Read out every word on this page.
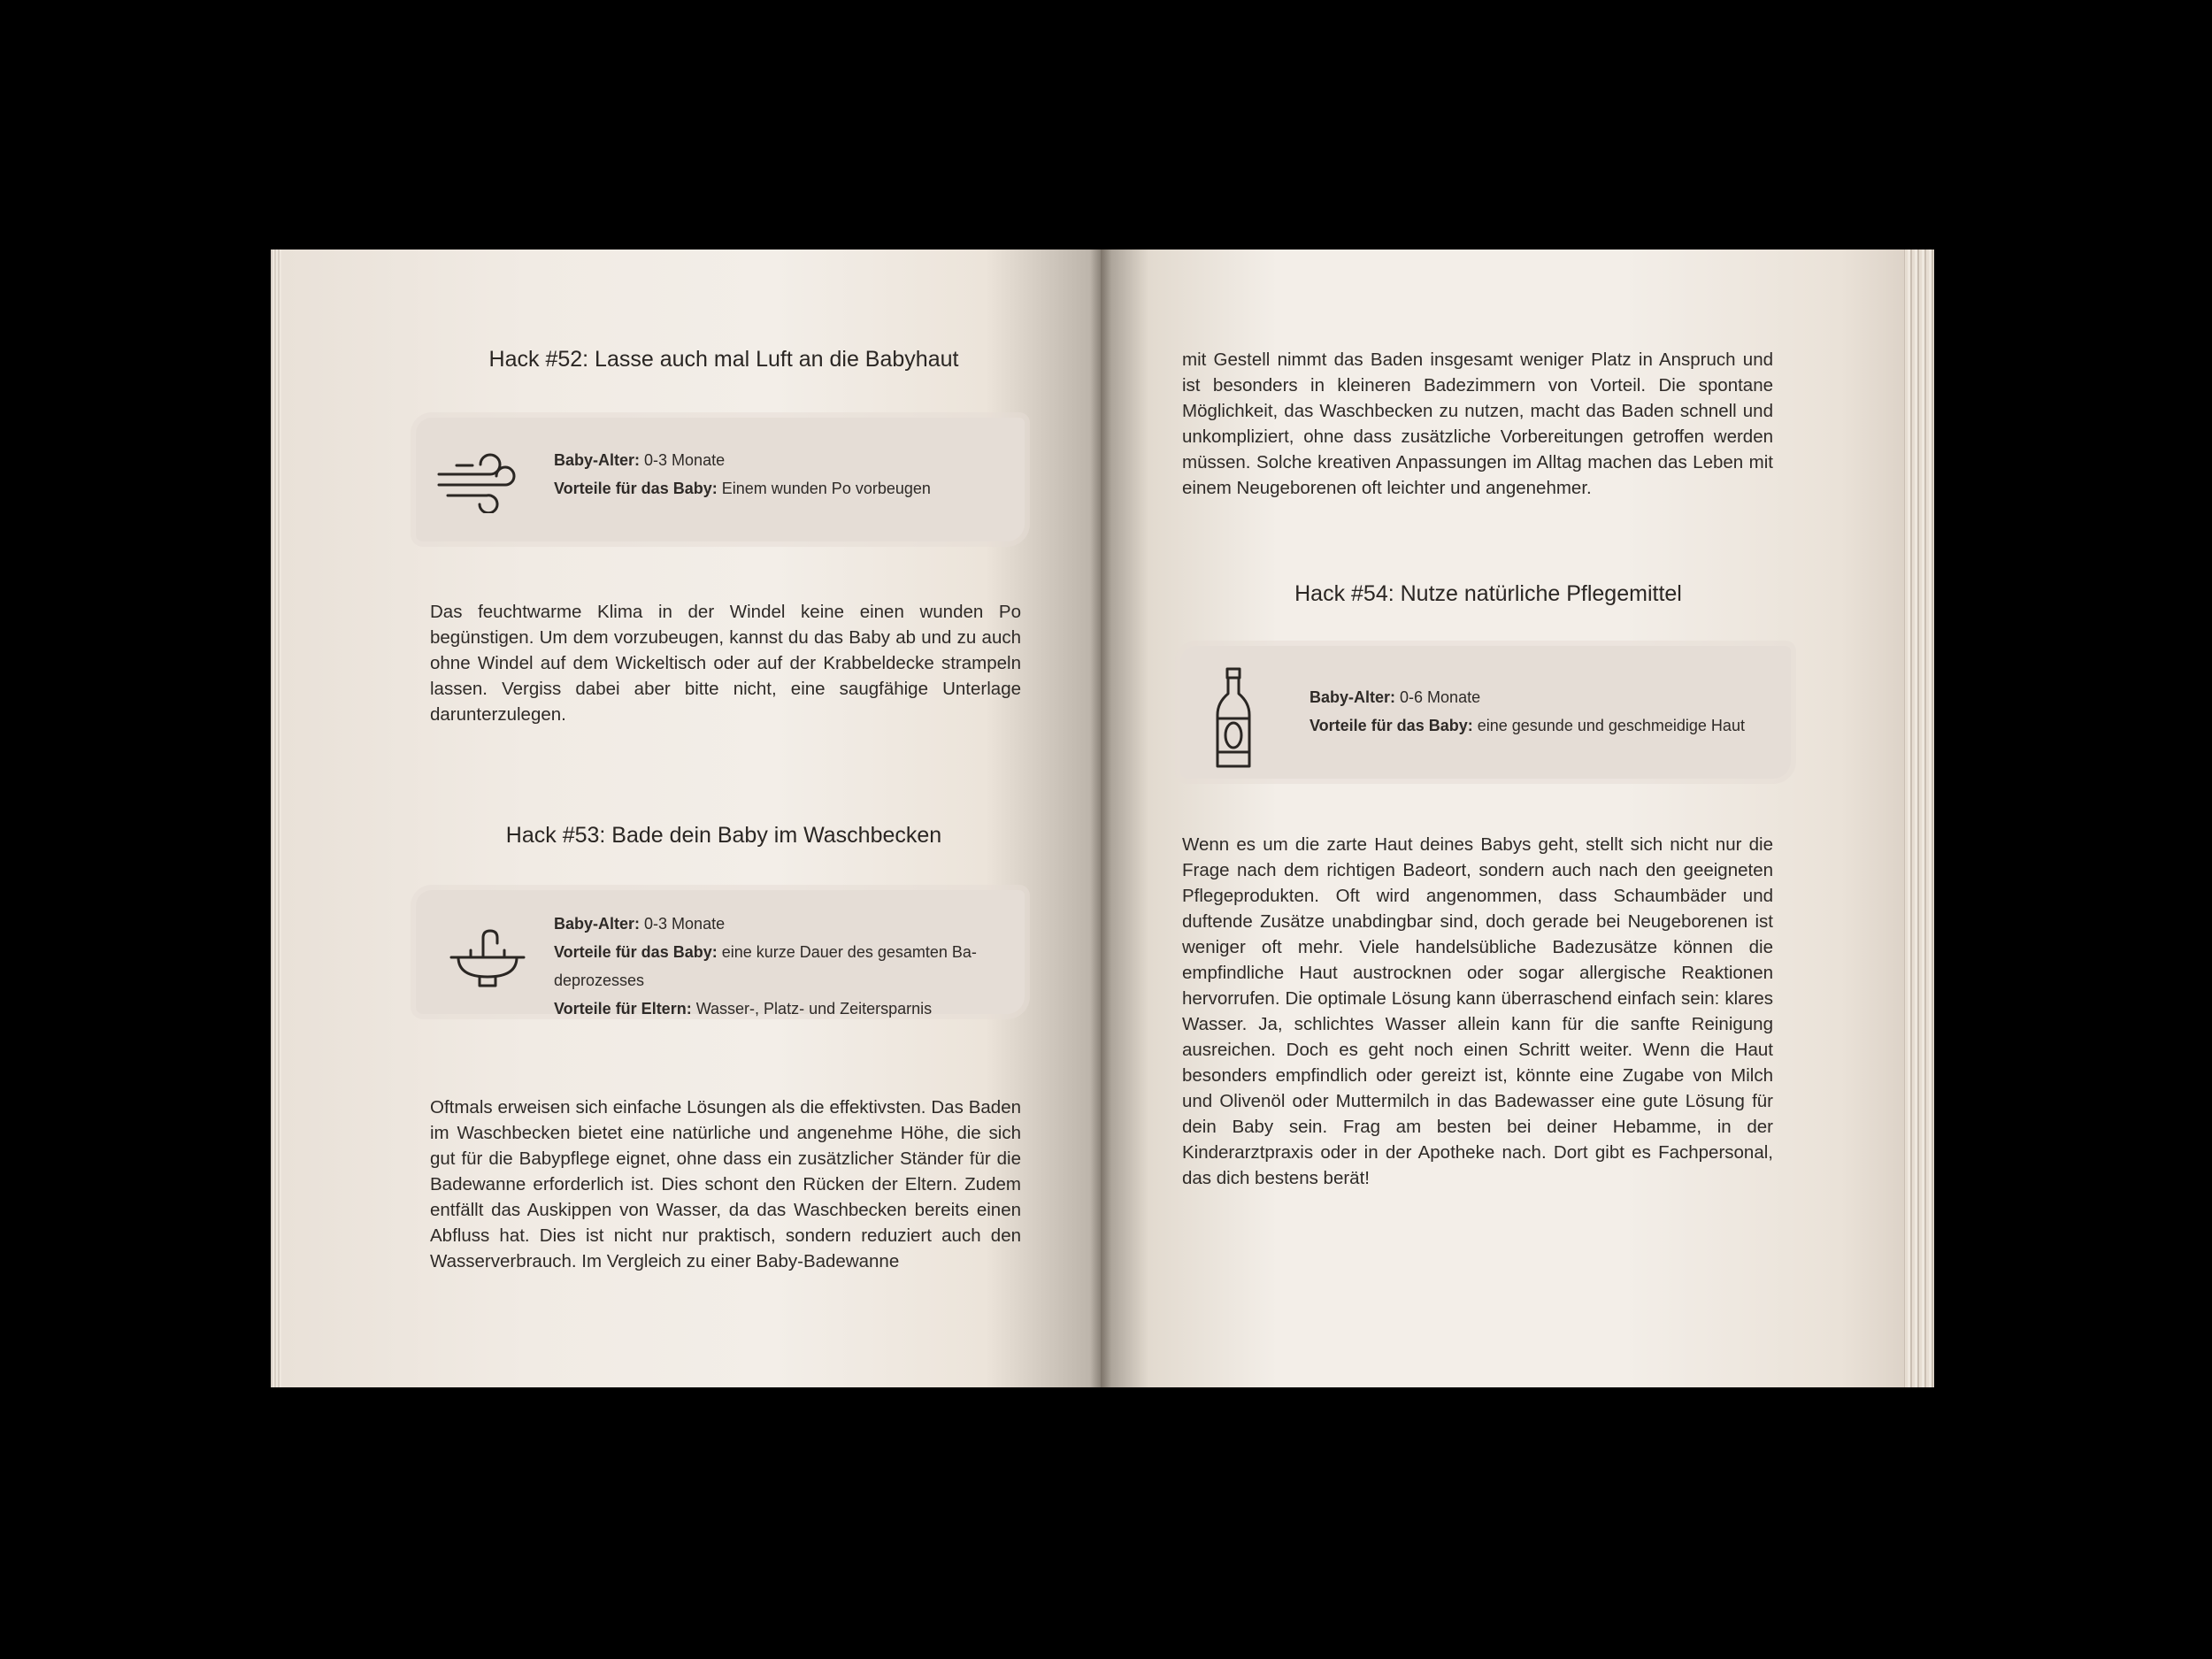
Hack #52: Lasse auch mal Luft an die Babyhaut
Baby-Alter: 0-3 Monate
Vorteile für das Baby: Einem wunden Po vorbeugen

Das feuchtwarme Klima in der Windel keine einen wunden Po begünstigen. Um dem vorzubeugen, kannst du das Baby ab und zu auch ohne Windel auf dem Wickeltisch oder auf der Krabbeldecke strampeln lassen. Vergiss dabei aber bitte nicht, eine saugfähige Unterlage darunterzulegen.

Hack #53: Bade dein Baby im Waschbecken
Baby-Alter: 0-3 Monate
Vorteile für das Baby: eine kurze Dauer des gesamten Ba-
deprozesses
Vorteile für Eltern: Wasser-, Platz- und Zeitersparnis

Oftmals erweisen sich einfache Lösungen als die effektivsten. Das Baden im Waschbecken bietet eine natürliche und angenehme Höhe, die sich gut für die Babypflege eignet, ohne dass ein zusätzlicher Ständer für die Badewanne erforderlich ist. Dies schont den Rücken der Eltern. Zudem entfällt das Auskippen von Wasser, da das Waschbecken bereits einen Abfluss hat. Dies ist nicht nur praktisch, sondern reduziert auch den Wasserverbrauch. Im Vergleich zu einer Baby-Badewanne

mit Gestell nimmt das Baden insgesamt weniger Platz in Anspruch und ist besonders in kleineren Badezimmern von Vorteil. Die spontane Möglichkeit, das Waschbecken zu nutzen, macht das Baden schnell und unkompliziert, ohne dass zusätzliche Vorbereitungen getroffen werden müssen. Solche kreativen Anpassungen im Alltag machen das Leben mit einem Neugeborenen oft leichter und angenehmer.

Hack #54: Nutze natürliche Pflegemittel
Baby-Alter: 0-6 Monate
Vorteile für das Baby: eine gesunde und geschmeidige Haut

Wenn es um die zarte Haut deines Babys geht, stellt sich nicht nur die Frage nach dem richtigen Badeort, sondern auch nach den geeigneten Pflegeprodukten. Oft wird angenommen, dass Schaumbäder und duftende Zusätze unabdingbar sind, doch gerade bei Neugeborenen ist weniger oft mehr. Viele handelsübliche Badezusätze können die empfindliche Haut austrocknen oder sogar allergische Reaktionen hervorrufen. Die optimale Lösung kann überraschend einfach sein: klares Wasser. Ja, schlichtes Wasser allein kann für die sanfte Reinigung ausreichen. Doch es geht noch einen Schritt weiter. Wenn die Haut besonders empfindlich oder gereizt ist, könnte eine Zugabe von Milch und Olivenöl oder Muttermilch in das Badewasser eine gute Lösung für dein Baby sein. Frag am besten bei deiner Hebamme, in der Kinderarztpraxis oder in der Apotheke nach. Dort gibt es Fachpersonal, das dich bestens berät!
